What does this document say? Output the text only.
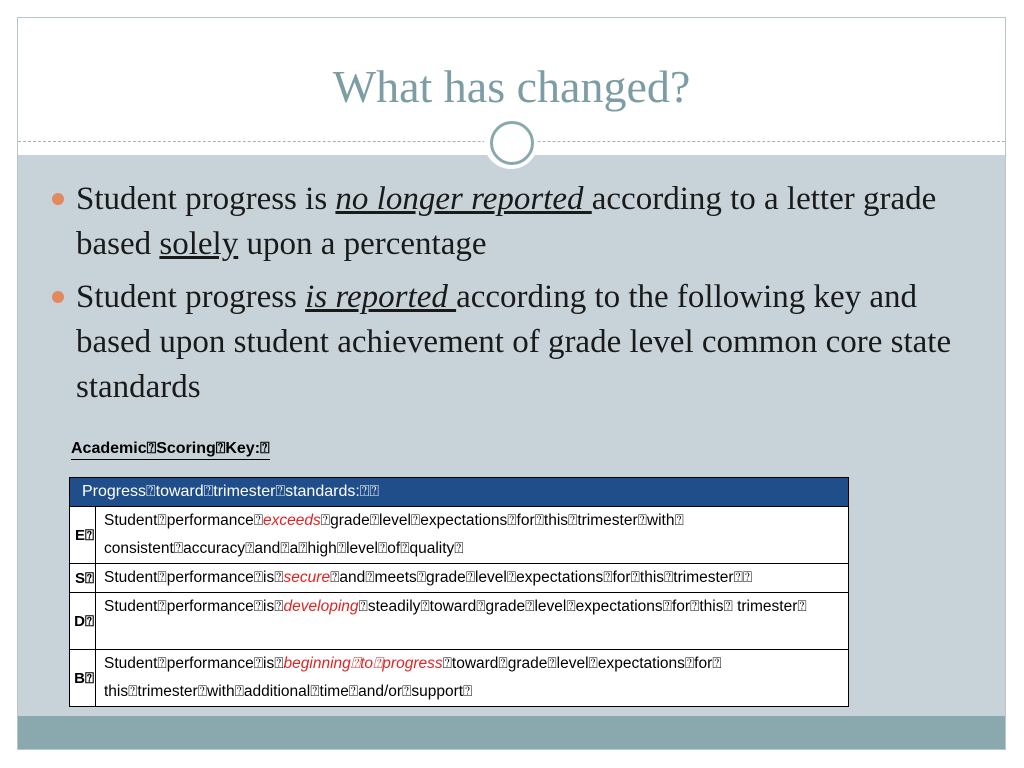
What has changed?
Student progress is no longer reported according to a letter grade based solely upon a percentage
Student progress is reported according to the following key and based upon student achievement of grade level common core state standards
Academic⍰Scoring⍰Key:⍰
Progress⍰toward⍰trimester⍰standards:⍰⍰
E⍰
Student⍰performance⍰exceeds⍰grade⍰level⍰expectations⍰for⍰this⍰trimester⍰with⍰ consistent⍰accuracy⍰and⍰a⍰high⍰level⍰of⍰quality⍰
S⍰ Student⍰performance⍰is⍰secure⍰and⍰meets⍰grade⍰level⍰expectations⍰for⍰this⍰trimester⍰⍰
D⍰
Student⍰performance⍰is⍰developing⍰steadily⍰toward⍰grade⍰level⍰expectations⍰for⍰this⍰ trimester⍰
B⍰
Student⍰performance⍰is⍰beginning⍰to⍰progress⍰toward⍰grade⍰level⍰expectations⍰for⍰ this⍰trimester⍰with⍰additional⍰time⍰and/or⍰support⍰
